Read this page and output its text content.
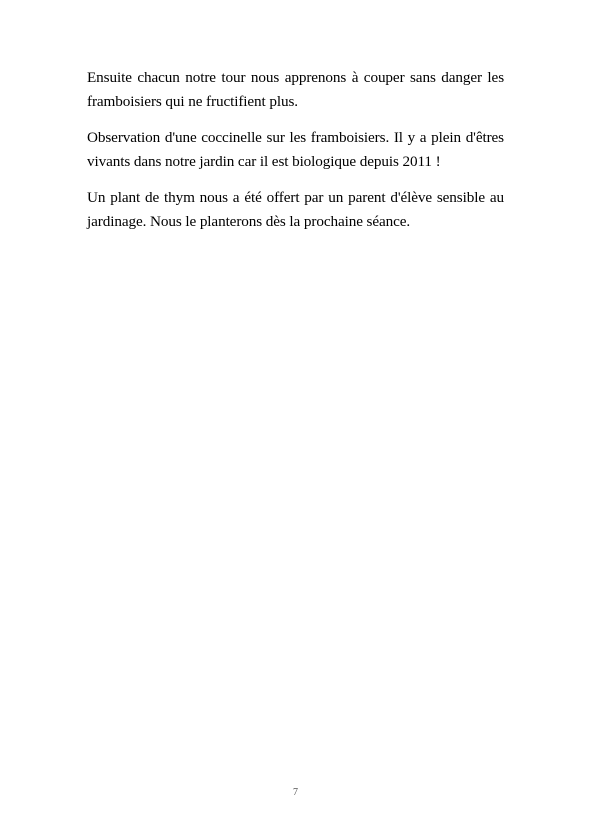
Ensuite chacun notre tour nous apprenons à couper sans danger les framboisiers qui ne fructifient plus.

Observation d'une coccinelle sur les framboisiers. Il y a plein d'êtres vivants dans notre jardin car il est biologique depuis 2011 !

Un plant de thym nous a été offert par un parent d'élève sensible au jardinage. Nous le planterons dès la prochaine séance.

7
